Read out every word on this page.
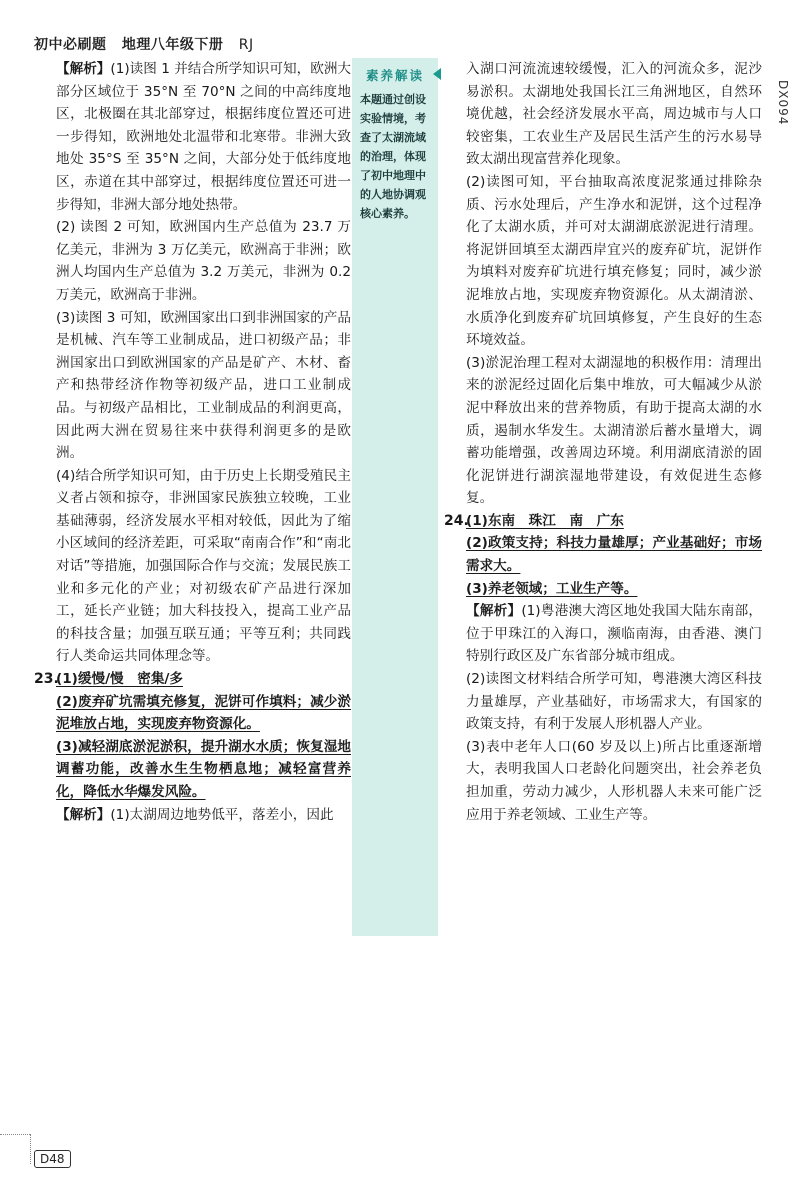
初中必刷题 地理八年级下册 RJ
DX094

【解析】(1)读图 1 并结合所学知识可知，欧洲大部分区域位于 35°N 至 70°N 之间的中高纬度地区，北极圈在其北部穿过，根据纬度位置还可进一步得知，欧洲地处北温带和北寒带。非洲大致地处 35°S 至 35°N 之间，大部分处于低纬度地区，赤道在其中部穿过，根据纬度位置还可进一步得知，非洲大部分地处热带。

(2) 读图 2 可知，欧洲国内生产总值为 23.7 万亿美元，非洲为 3 万亿美元，欧洲高于非洲；欧洲人均国内生产总值为 3.2 万美元，非洲为 0.2 万美元，欧洲高于非洲。

(3)读图 3 可知，欧洲国家出口到非洲国家的产品是机械、汽车等工业制成品，进口初级产品；非洲国家出口到欧洲国家的产品是矿产、木材、畜产和热带经济作物等初级产品，进口工业制成品。与初级产品相比，工业制成品的利润更高，因此两大洲在贸易往来中获得利润更多的是欧洲。

(4)结合所学知识可知，由于历史上长期受殖民主义者占领和掠夺，非洲国家民族独立较晚，工业基础薄弱，经济发展水平相对较低，因此为了缩小区域间的经济差距，可采取“南南合作”和“南北对话”等措施，加强国际合作与交流；发展民族工业和多元化的产业；对初级农矿产品进行深加工，延长产业链；加大科技投入，提高工业产品的科技含量；加强互联互通；平等互利；共同践行人类命运共同体理念等。

23.(1)缓慢/慢　密集/多

(2)废弃矿坑需填充修复，泥饼可作填料；减少淤泥堆放占地，实现废弃物资源化。

(3)减轻湖底淤泥淤积，提升湖水水质；恢复湿地调蓄功能，改善水生生物栖息地；减轻富营养化，降低水华爆发风险。

【解析】(1)太湖周边地势低平，落差小，因此

素养解读
本题通过创设实验情境，考查了太湖流域的治理，体现了初中地理中的人地协调观核心素养。

入湖口河流流速较缓慢，汇入的河流众多，泥沙易淤积。太湖地处我国长江三角洲地区，自然环境优越，社会经济发展水平高，周边城市与人口较密集，工农业生产及居民生活产生的污水易导致太湖出现富营养化现象。

(2)读图可知，平台抽取高浓度泥浆通过排除杂质、污水处理后，产生净水和泥饼，这个过程净化了太湖水质，并可对太湖湖底淤泥进行清理。将泥饼回填至太湖西岸宜兴的废弃矿坑，泥饼作为填料对废弃矿坑进行填充修复；同时，减少淤泥堆放占地，实现废弃物资源化。从太湖清淤、水质净化到废弃矿坑回填修复，产生良好的生态环境效益。

(3)淤泥治理工程对太湖湿地的积极作用：清理出来的淤泥经过固化后集中堆放，可大幅减少从淤泥中释放出来的营养物质，有助于提高太湖的水质，遏制水华发生。太湖清淤后蓄水量增大，调蓄功能增强，改善周边环境。利用湖底清淤的固化泥饼进行湖滨湿地带建设，有效促进生态修复。

24.(1)东南　珠江　南　广东

(2)政策支持；科技力量雄厚；产业基础好；市场需求大。

(3)养老领域；工业生产等。

【解析】(1)粤港澳大湾区地处我国大陆东南部，位于甲珠江的入海口，濒临南海，由香港、澳门特别行政区及广东省部分城市组成。

(2)读图文材料结合所学可知，粤港澳大湾区科技力量雄厚，产业基础好，市场需求大，有国家的政策支持，有利于发展人形机器人产业。

(3)表中老年人口(60 岁及以上)所占比重逐渐增大，表明我国人口老龄化问题突出，社会养老负担加重，劳动力减少，人形机器人未来可能广泛应用于养老领域、工业生产等。

D48
